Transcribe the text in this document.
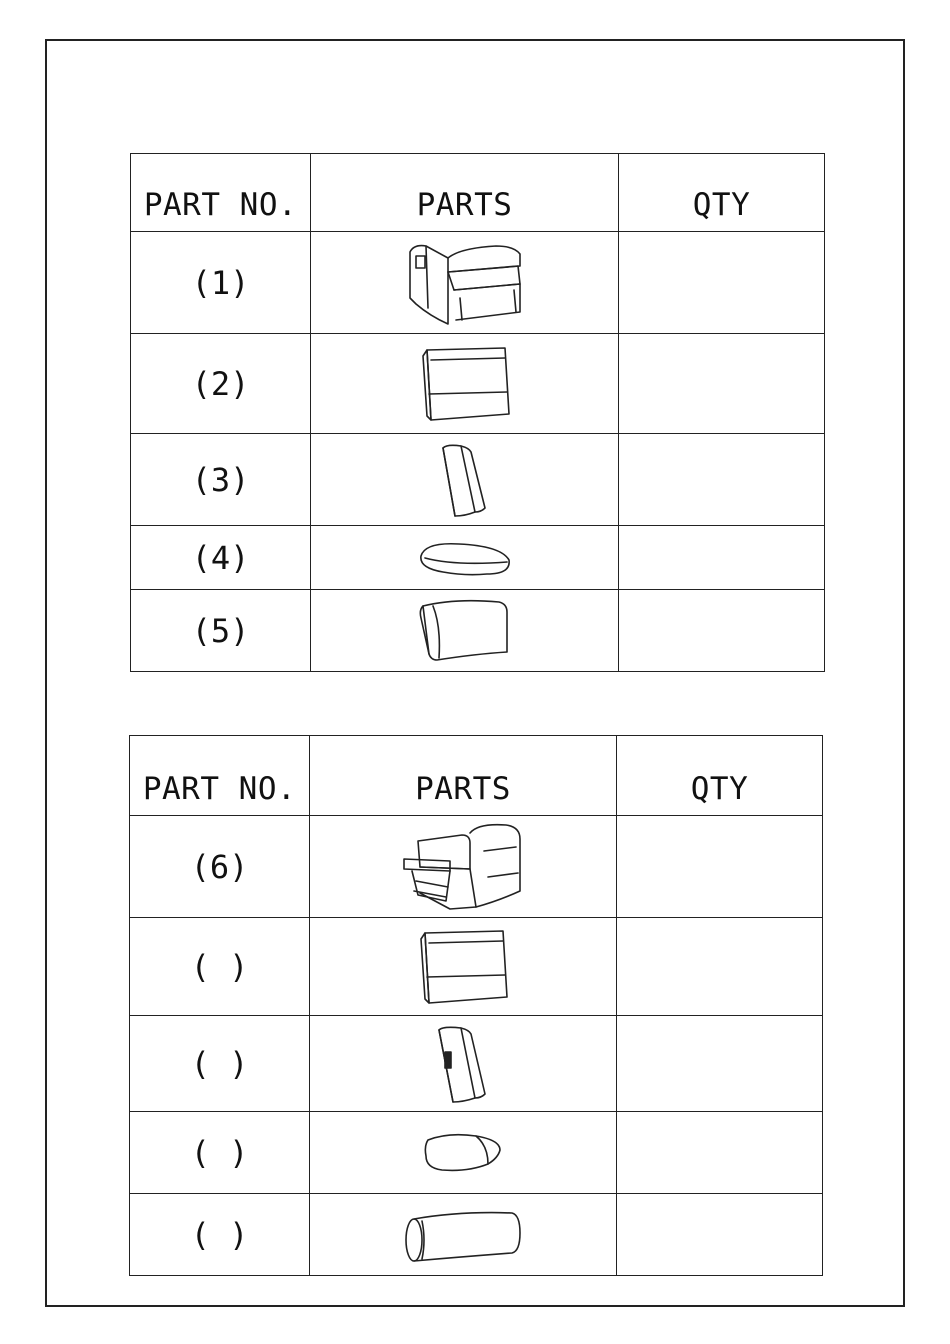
PART NO.	PARTS	QTY
(1)	

(2)	

(3)	

(4)	

(5)	

PART NO.	PARTS	QTY
(6)	

( )	

( )	

( )	

( )	
